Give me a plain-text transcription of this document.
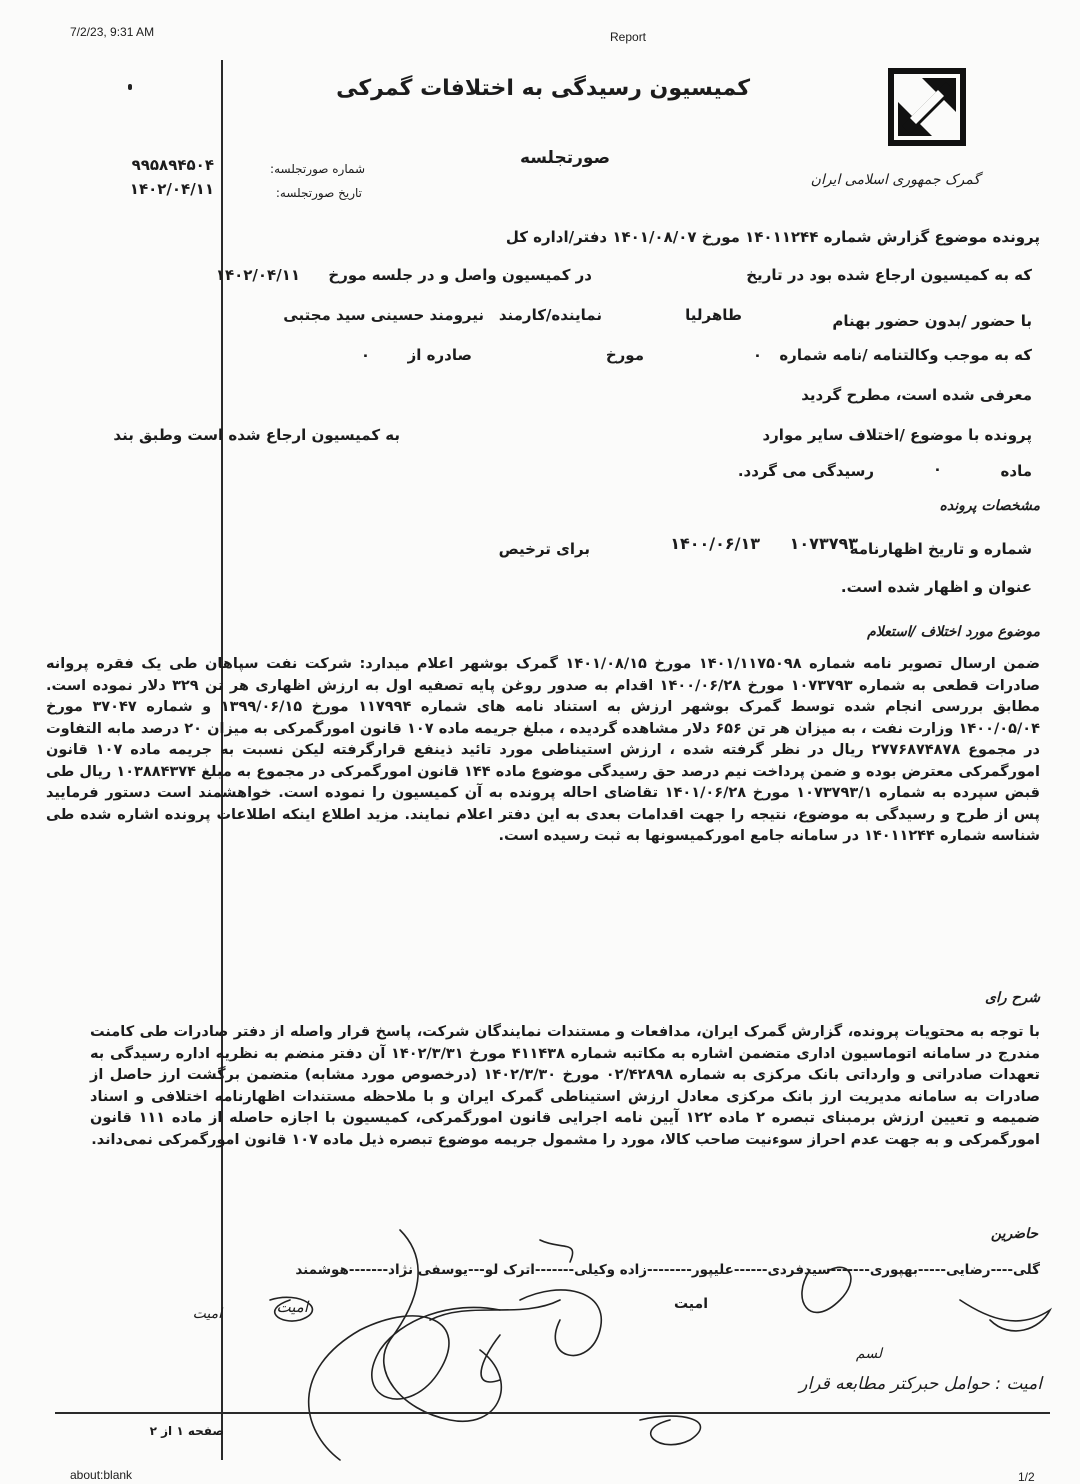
7/2/23, 9:31 AM	Report
about:blank	1/2
گمرک جمهوری اسلامی ایران
کمیسیون رسیدگی به اختلافات گمرکی
صورتجلسه
شماره صورتجلسه:
۹۹۵۸۹۴۵۰۴
تاریخ صورتجلسه:
۱۴۰۲/۰۴/۱۱
پرونده موضوع گزارش شماره ۱۴۰۱۱۲۴۴ مورخ ۱۴۰۱/۰۸/۰۷ دفتر/اداره کل
که به کمیسیون ارجاع شده بود در تاریخ
در کمیسیون واصل و در جلسه مورخ
۱۴۰۲/۰۴/۱۱
با حضور /بدون حضور بهنام
طاهرلیا
نماینده/کارمند
نیرومند حسینی سید مجتبی
که به موجب وکالتنامه /نامه شماره
۰
مورخ
صادره از
۰
معرفی شده است، مطرح گردید
پرونده با موضوع /اختلاف سایر موارد
به کمیسیون ارجاع شده است وطبق بند
ماده
۰
رسیدگی می گردد.
مشخصات پرونده
شماره و تاریخ اظهارنامه
۱۰۷۳۷۹۳
۱۴۰۰/۰۶/۱۳
برای ترخیص
عنوان و اظهار شده است.
موضوع مورد اختلاف /استعلام
ضمن ارسال تصویر نامه شماره ۱۴۰۱/۱۱۷۵۰۹۸ مورخ ۱۴۰۱/۰۸/۱۵ گمرک بوشهر اعلام میدارد: شرکت نفت سپاهان طی یک فقره پروانه صادرات قطعی به شماره ۱۰۷۳۷۹۳ مورخ ۱۴۰۰/۰۶/۲۸ اقدام به صدور روغن پایه تصفیه اول به ارزش اظهاری هر تن ۳۲۹ دلار نموده است. مطابق بررسی انجام شده توسط گمرک بوشهر ارزش به استناد نامه های شماره ۱۱۷۹۹۴ مورخ ۱۳۹۹/۰۶/۱۵ و شماره ۳۷۰۴۷ مورخ ۱۴۰۰/۰۵/۰۴ وزارت نفت ، به میزان هر تن ۶۵۶ دلار مشاهده گردیده ، مبلغ جریمه ماده ۱۰۷ قانون امورگمرکی به میزان ۲۰ درصد مابه التفاوت در مجموع ۲۷۷۶۸۷۴۸۷۸ ریال در نظر گرفته شده ، ارزش استیناطی مورد تائید ذینفع قرارگرفته لیکن نسبت به جریمه ماده ۱۰۷ قانون امورگمرکی معترض بوده و ضمن پرداخت نیم درصد حق رسیدگی موضوع ماده ۱۴۴ قانون امورگمرکی در مجموع به مبلغ ۱۰۳۸۸۴۳۷۴ ریال طی قبض سپرده به شماره ۱۰۷۳۷۹۳/۱ مورخ ۱۴۰۱/۰۶/۲۸ تقاضای احاله پرونده به آن کمیسیون را نموده است. خواهشمند است دستور فرمایید پس از طرح و رسیدگی به موضوع، نتیجه را جهت اقدامات بعدی به این دفتر اعلام نمایند. مزید اطلاع اینکه اطلاعات پرونده اشاره شده طی شناسه شماره ۱۴۰۱۱۲۴۴ در سامانه جامع امورکمیسونها به ثبت رسیده است.
شرح رای
با توجه به محتویات پرونده، گزارش گمرک ایران، مدافعات و مستندات نمایندگان شرکت، پاسخ قرار واصله از دفتر صادرات طی کامنت مندرج در سامانه اتوماسیون اداری متضمن اشاره به مکاتبه شماره ۴۱۱۴۳۸ مورخ ۱۴۰۲/۳/۳۱ آن دفتر منضم به نظریه اداره رسیدگی به تعهدات صادراتی و وارداتی بانک مرکزی به شماره ۰۲/۴۲۸۹۸ مورخ ۱۴۰۲/۳/۳۰ (درخصوص مورد مشابه) متضمن برگشت ارز حاصل از صادرات به سامانه مدیریت ارز بانک مرکزی معادل ارزش استیناطی گمرک ایران و با ملاحظه مستندات اظهارنامه اختلافی و اسناد ضمیمه و تعیین ارزش برمبنای تبصره ۲ ماده ۱۲۲ آیین نامه اجرایی قانون امورگمرکی، کمیسیون با اجازه حاصله از ماده ۱۱۱ قانون امورگمرکی و به جهت عدم احراز سوءنیت صاحب کالا، مورد را مشمول جریمه موضوع تبصره ذیل ماده ۱۰۷ قانون امورگمرکی نمی‌داند.
حاضرین
گلی----رضایی-----بهپوری-------سیدفردی------علیپور--------زاده وکیلی-------اترک لو---یوسفی نژاد-------هوشمند
امیت
امیت
امیت
امیت : حوامل حبرکتر مطابعه قرار
لسم
صفحه ۱ از ۲
